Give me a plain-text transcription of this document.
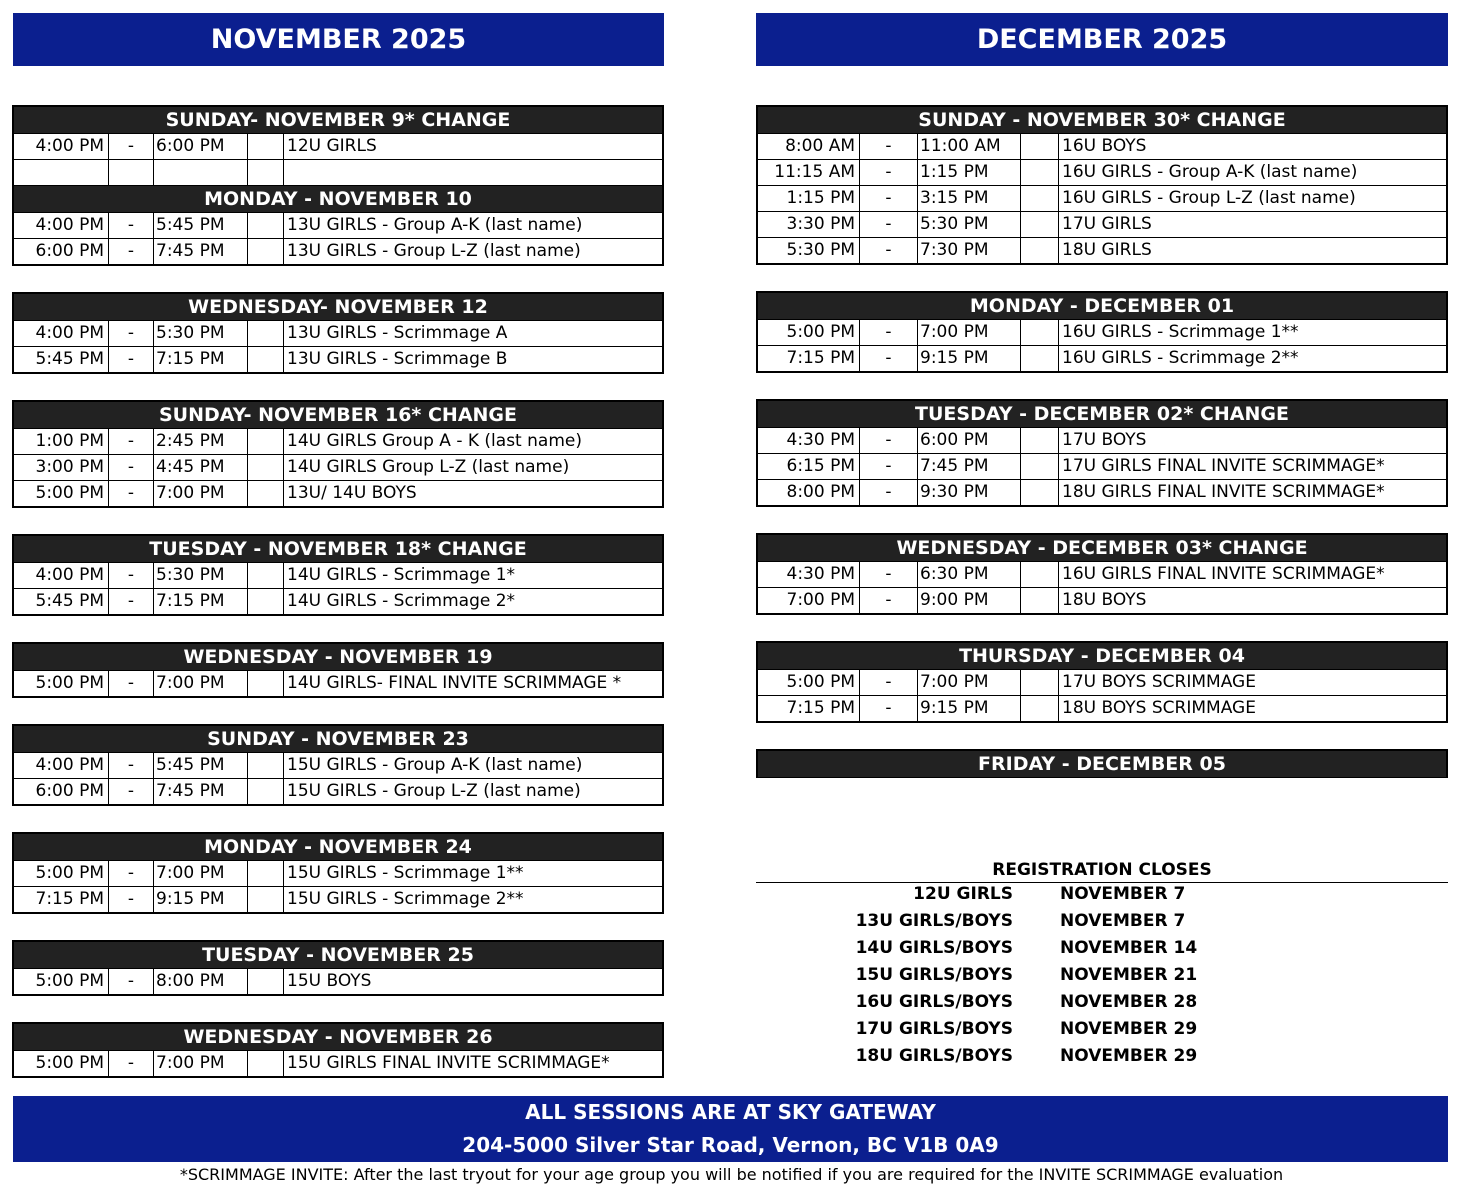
NOVEMBER 2025	DECEMBER 2025
SUNDAY- NOVEMBER 9* CHANGE
4:00 PM	-	6:00 PM	12U GIRLS
MONDAY - NOVEMBER 10
4:00 PM	-	5:45 PM	13U GIRLS - Group A-K (last name)
6:00 PM	-	7:45 PM	13U GIRLS - Group L-Z (last name)
WEDNESDAY- NOVEMBER 12
4:00 PM	-	5:30 PM	13U GIRLS - Scrimmage A
5:45 PM	-	7:15 PM	13U GIRLS - Scrimmage B
SUNDAY- NOVEMBER 16* CHANGE
1:00 PM	-	2:45 PM	14U GIRLS Group A - K (last name)
3:00 PM	-	4:45 PM	14U GIRLS Group L-Z (last name)
5:00 PM	-	7:00 PM	13U/ 14U BOYS
TUESDAY - NOVEMBER 18* CHANGE
4:00 PM	-	5:30 PM	14U GIRLS - Scrimmage 1*
5:45 PM	-	7:15 PM	14U GIRLS - Scrimmage 2*
WEDNESDAY - NOVEMBER 19
5:00 PM	-	7:00 PM	14U GIRLS- FINAL INVITE SCRIMMAGE *
SUNDAY - NOVEMBER 23
4:00 PM	-	5:45 PM	15U GIRLS - Group A-K (last name)
6:00 PM	-	7:45 PM	15U GIRLS - Group L-Z (last name)
MONDAY - NOVEMBER 24
5:00 PM	-	7:00 PM	15U GIRLS - Scrimmage 1**
7:15 PM	-	9:15 PM	15U GIRLS - Scrimmage 2**
TUESDAY - NOVEMBER 25
5:00 PM	-	8:00 PM	15U BOYS
WEDNESDAY - NOVEMBER 26
5:00 PM	-	7:00 PM	15U GIRLS FINAL INVITE SCRIMMAGE*
SUNDAY - NOVEMBER 30* CHANGE
8:00 AM	-	11:00 AM	16U BOYS
11:15 AM	-	1:15 PM	16U GIRLS - Group A-K (last name)
1:15 PM	-	3:15 PM	16U GIRLS - Group L-Z (last name)
3:30 PM	-	5:30 PM	17U GIRLS
5:30 PM	-	7:30 PM	18U GIRLS
MONDAY - DECEMBER 01
5:00 PM	-	7:00 PM	16U GIRLS - Scrimmage 1**
7:15 PM	-	9:15 PM	16U GIRLS - Scrimmage 2**
TUESDAY - DECEMBER 02* CHANGE
4:30 PM	-	6:00 PM	17U BOYS
6:15 PM	-	7:45 PM	17U GIRLS FINAL INVITE SCRIMMAGE*
8:00 PM	-	9:30 PM	18U GIRLS FINAL INVITE SCRIMMAGE*
WEDNESDAY - DECEMBER 03* CHANGE
4:30 PM	-	6:30 PM	16U GIRLS FINAL INVITE SCRIMMAGE*
7:00 PM	-	9:00 PM	18U BOYS
THURSDAY - DECEMBER 04
5:00 PM	-	7:00 PM	17U BOYS SCRIMMAGE
7:15 PM	-	9:15 PM	18U BOYS SCRIMMAGE
FRIDAY - DECEMBER 05
REGISTRATION CLOSES
12U GIRLS	NOVEMBER 7
13U GIRLS/BOYS	NOVEMBER 7
14U GIRLS/BOYS	NOVEMBER 14
15U GIRLS/BOYS	NOVEMBER 21
16U GIRLS/BOYS	NOVEMBER 28
17U GIRLS/BOYS	NOVEMBER 29
18U GIRLS/BOYS	NOVEMBER 29
ALL SESSIONS ARE AT SKY GATEWAY
204-5000 Silver Star Road, Vernon, BC V1B 0A9
*SCRIMMAGE INVITE: After the last tryout for your age group you will be notified if you are required for the INVITE SCRIMMAGE evaluation
